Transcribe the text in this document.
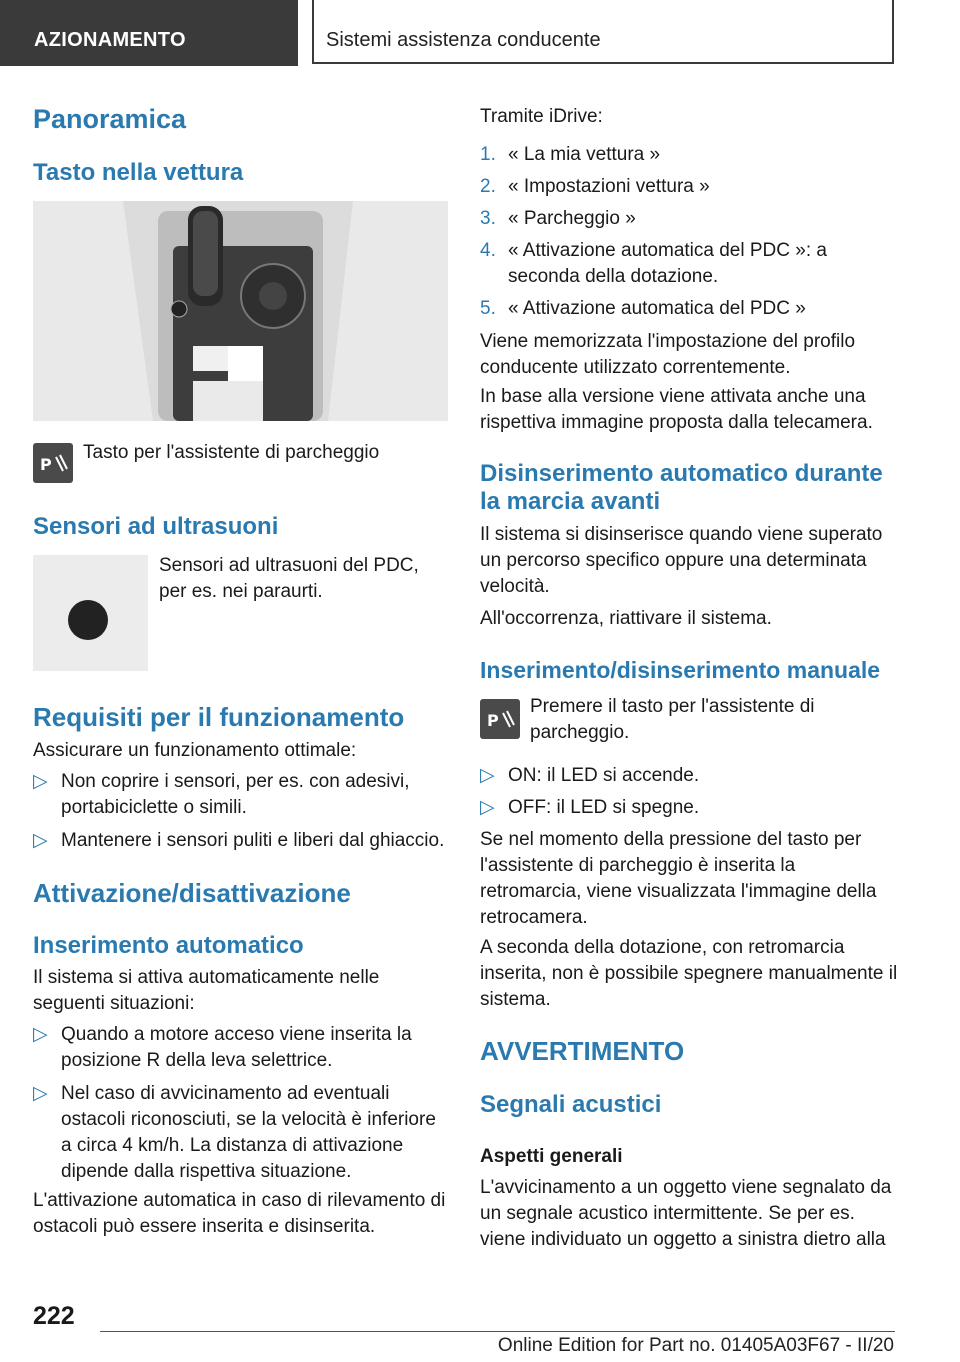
AZIONAMENTO	Sistemi assistenza conducente
Panoramica
Tasto nella vettura
P

Tasto per l'assistente di parcheggio

Sensori ad ultrasuoni

Sensori ad ultrasuoni del PDC, per es. nei paraurti.

Requisiti per il funzionamento

Assicurare un funzionamento ottimale:

▷ Non coprire i sensori, per es. con adesivi, portabiciclette o simili.
▷ Mantenere i sensori puliti e liberi dal ghiaccio.
Attivazione/disattivazione
Inserimento automatico

Il sistema si attiva automaticamente nelle seguenti situazioni:

▷ Quando a motore acceso viene inserita la posizione R della leva selettrice.
▷ Nel caso di avvicinamento ad eventuali ostacoli riconosciuti, se la velocità è inferiore a circa 4 km/h. La distanza di attivazione dipende dalla rispettiva situazione.

L'attivazione automatica in caso di rilevamento di ostacoli può essere inserita e disinserita.

Tramite iDrive:

1. « La mia vettura »
2. « Impostazioni vettura »
3. « Parcheggio »
4. « Attivazione automatica del PDC »: a seconda della dotazione.
5. « Attivazione automatica del PDC »

Viene memorizzata l'impostazione del profilo conducente utilizzato correntemente.

In base alla versione viene attivata anche una rispettiva immagine proposta dalla telecamera.

Disinserimento automatico durante la marcia avanti

Il sistema si disinserisce quando viene superato un percorso specifico oppure una determinata velocità.

All'occorrenza, riattivare il sistema.

Inserimento/disinserimento manuale
P

Premere il tasto per l'assistente di parcheggio.

▷ ON: il LED si accende.
▷ OFF: il LED si spegne.

Se nel momento della pressione del tasto per l'assistente di parcheggio è inserita la retromarcia, viene visualizzata l'immagine della retrocamera.

A seconda della dotazione, con retromarcia inserita, non è possibile spegnere manualmente il sistema.

AVVERTIMENTO
Segnali acustici
Aspetti generali

L'avvicinamento a un oggetto viene segnalato da un segnale acustico intermittente. Se per es. viene individuato un oggetto a sinistra dietro alla

222
Online Edition for Part no. 01405A03F67 - II/20
